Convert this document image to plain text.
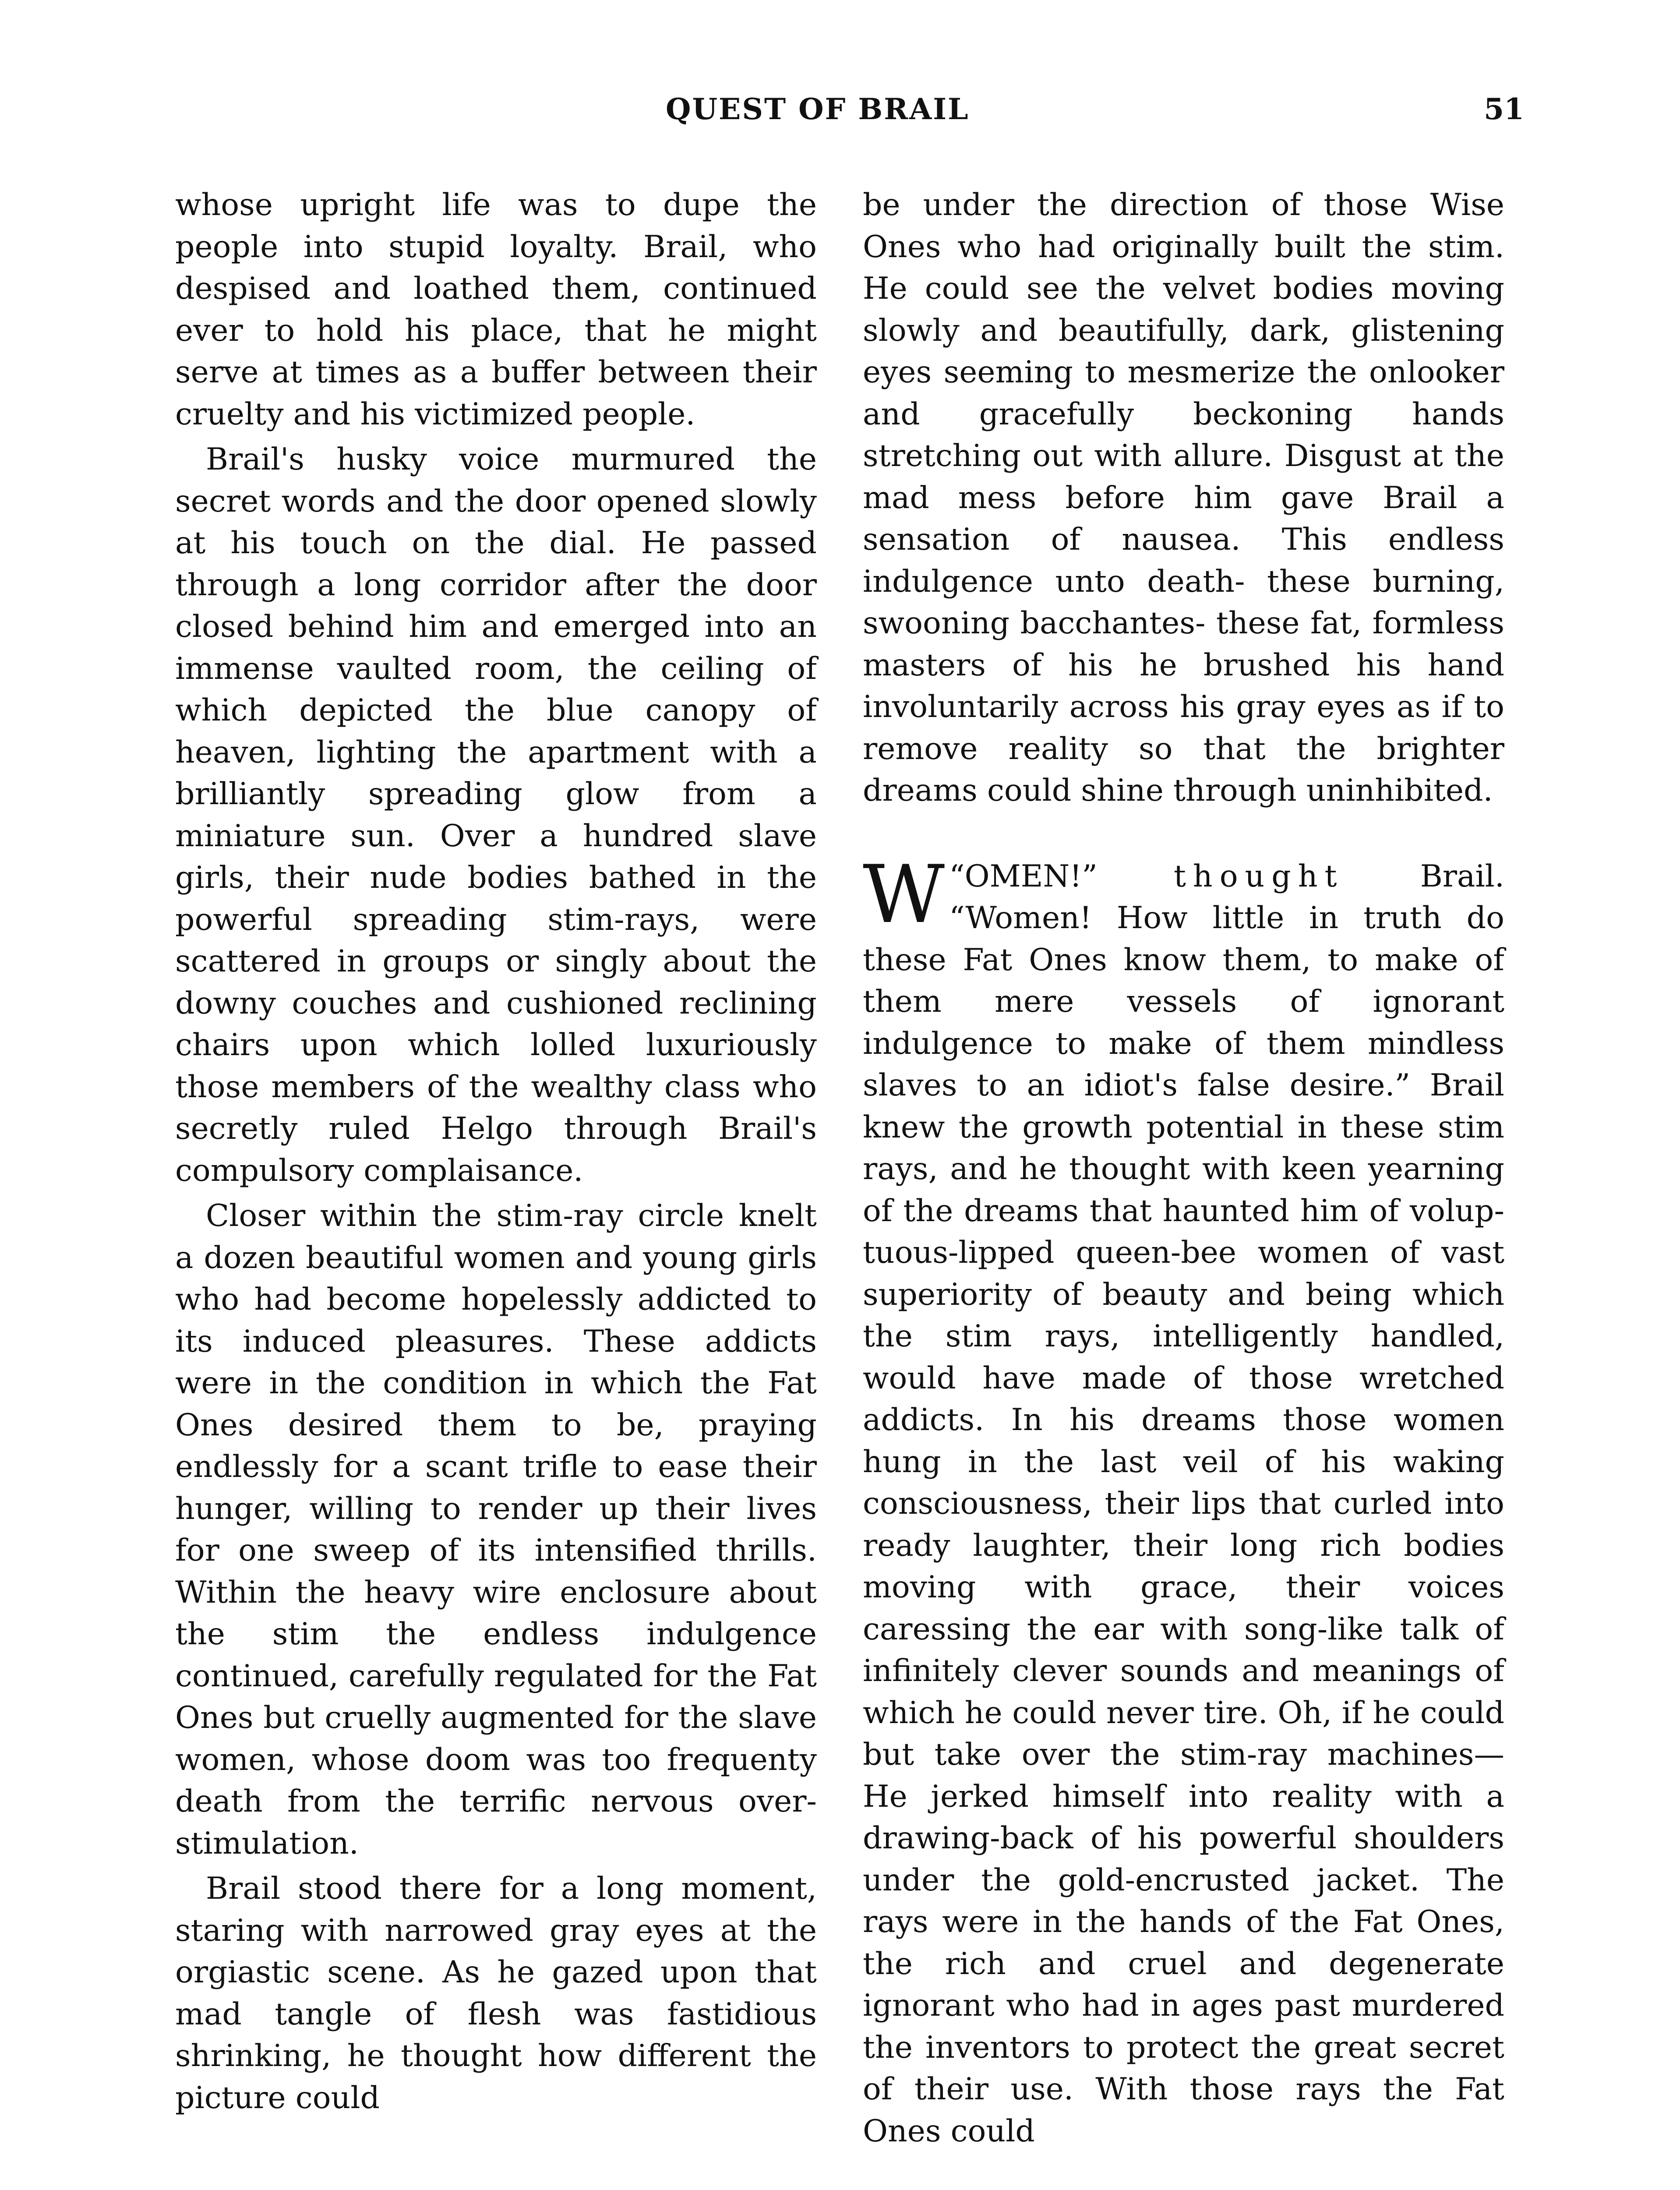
QUEST OF BRAIL	51

whose upright life was to dupe the people into stupid loyalty. Brail, who despised and loathed them, continued ever to hold his place, that he might serve at times as a buffer between their cruelty and his victimized people.

Brail's husky voice murmured the secret words and the door opened slowly at his touch on the dial. He passed through a long corridor after the door closed behind him and emerged into an immense vaulted room, the ceiling of which depicted the blue canopy of heaven, lighting the apartment with a brilliantly spreading glow from a miniature sun. Over a hundred slave girls, their nude bodies bathed in the powerful spreading stim-rays, were scattered in groups or singly about the downy couches and cushioned reclining chairs upon which lolled luxuriously those members of the wealthy class who secretly ruled Helgo through Brail's compulsory complaisance.

Closer within the stim-ray circle knelt a dozen beautiful women and young girls who had become hopelessly addicted to its induced pleasures. These addicts were in the condition in which the Fat Ones desired them to be, praying endlessly for a scant trifle to ease their hunger, willing to render up their lives for one sweep of its intensified thrills. Within the heavy wire enclosure about the stim the endless indulgence continued, carefully regulated for the Fat Ones but cruelly augmented for the slave women, whose doom was too frequenty death from the terrific nervous over- stimulation.

Brail stood there for a long moment, staring with narrowed gray eyes at the orgiastic scene. As he gazed upon that mad tangle of flesh was fastidious shrinking, he thought how different the picture could

be under the direction of those Wise Ones who had originally built the stim. He could see the velvet bodies moving slowly and beautifully, dark, glistening eyes seeming to mesmerize the onlooker and gracefully beckoning hands stretching out with allure. Disgust at the mad mess before him gave Brail a sensation of nausea. This endless indulgence unto death- these burning, swooning bacchantes- these fat, formless masters of his he brushed his hand involuntarily across his gray eyes as if to remove reality so that the brighter dreams could shine through uninhibited.

“
W OMEN!”	thought Brail. “Women! How little in truth do these Fat Ones know them, to make of them mere vessels of ignorant indulgence to make of them mindless slaves to an idiot's false desire.” Brail knew the growth potential in these stim rays, and he thought with keen yearning of the dreams that haunted him of voluptuous-lipped queen-bee women of vast superiority of beauty and being which the stim rays, intelligently handled, would have made of those wretched addicts. In his dreams those women hung in the last veil of his waking consciousness, their lips that curled into ready laughter, their long rich bodies moving with grace, their voices caressing the ear with song-like talk of infinitely clever sounds and meanings of which he could never tire. Oh, if he could but take over the stim-ray machines— He jerked himself into reality with a drawing-back of his powerful shoulders under the gold-encrusted jacket. The rays were in the hands of the Fat Ones, the rich and cruel and degenerate ignorant who had in ages past murdered the inventors to protect the great secret of their use. With those rays the Fat Ones could
